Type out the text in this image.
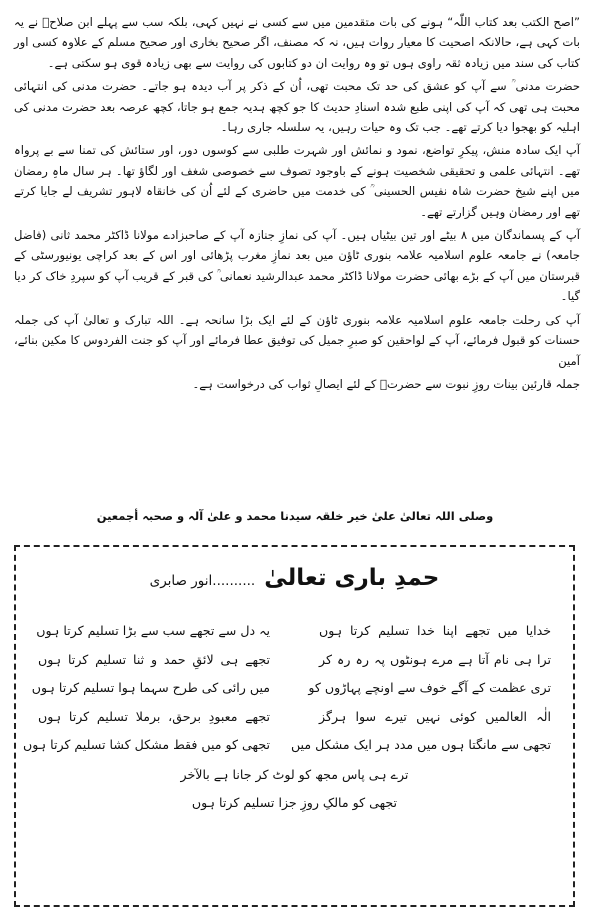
”اصح الکتب بعد کتاب اللّٰہ“ ہونے کی بات متقدمین میں سے کسی نے نہیں کہی، بلکہ سب سے پہلے ابن صلاحؒ نے یہ بات کہی ہے، حالانکہ اصحیت کا معیار روات ہیں، نہ کہ مصنف، اگر صحیح بخاری اور صحیح مسلم کے علاوہ کسی اور کتاب کی سند میں زیادہ ثقہ راوی ہوں تو وہ روایت ان دو کتابوں کی روایت سے بھی زیادہ قوی ہو سکتی ہے۔

حضرت مدنی ؒ سے آپ کو عشق کی حد تک محبت تھی، اُن کے ذکر پر آب دیدہ ہو جاتے۔ حضرت مدنی کی انتہائی محبت ہی تھی کہ آپ کی اپنی طبع شدہ اسنادِ حدیث کا جو کچھ ہدیہ جمع ہو جاتا، کچھ عرصہ بعد حضرت مدنی کی اہلیہ کو بھجوا دیا کرتے تھے۔ جب تک وہ حیات رہیں، یہ سلسلہ جاری رہا۔

آپ ایک سادہ منش، پیکرِ تواضع، نمود و نمائش اور شہرت طلبی سے کوسوں دور، اور ستائش کی تمنا سے بے پرواہ تھے۔ انتہائی علمی و تحقیقی شخصیت ہونے کے باوجود تصوف سے خصوصی شغف اور لگاؤ تھا۔ ہر سال ماہِ رمضان میں اپنے شیخ حضرت شاہ نفیس الحسینی ؒ کی خدمت میں حاضری کے لئے اُن کی خانقاہ لاہور تشریف لے جایا کرتے تھے اور رمضان وہیں گزارتے تھے۔

آپ کے پسماندگان میں ۸ بیٹے اور تین بیٹیاں ہیں۔ آپ کی نمازِ جنازہ آپ کے صاحبزادے مولانا ڈاکٹر محمد ثانی (فاضل جامعہ) نے جامعہ علوم اسلامیہ علامہ بنوری ٹاؤن میں بعد نمازِ مغرب پڑھائی اور اس کے بعد کراچی یونیورسٹی کے قبرستان میں آپ کے بڑے بھائی حضرت مولانا ڈاکٹر محمد عبدالرشید نعمانی ؒ کی قبر کے قریب آپ کو سپردِ خاک کر دیا گیا۔

آپ کی رحلت جامعہ علوم اسلامیہ علامہ بنوری ٹاؤن کے لئے ایک بڑا سانحہ ہے۔ اللہ تبارک و تعالیٰ آپ کی جملہ حسنات کو قبول فرمائے، آپ کے لواحقین کو صبرِ جمیل کی توفیق عطا فرمائے اور آپ کو جنت الفردوس کا مکین بنائے، آمین

جملہ قارئین بینات روزِ نبوت سے حضرتؒ کے لئے ایصالِ ثواب کی درخواست ہے۔

وصلی اللہ تعالیٰ علیٰ خیر خلقہ سیدنا محمد و علیٰ آلہ و صحبہ أجمعین
حمدِ باری تعالیٰ ..........انور صابری
خدایا میں تجھے اپنا خدا تسلیم کرتا ہوں
یہ دل سے تجھے سب سے بڑا تسلیم کرتا ہوں
ترا ہی نام آتا ہے مرے ہونٹوں پہ رہ رہ کر
تجھے ہی لائقِ حمد و ثنا تسلیم کرتا ہوں
تری عظمت کے آگے خوف سے اونچے پہاڑوں کو
میں رائی کی طرح سہما ہوا تسلیم کرتا ہوں
الٰہ العالمیں کوئی نہیں تیرے سوا ہرگز
تجھے معبودِ برحق، برملا تسلیم کرتا ہوں
تجھی سے مانگتا ہوں میں مدد ہر ایک مشکل میں
تجھی کو میں فقط مشکل کشا تسلیم کرتا ہوں
ترے ہی پاس مجھ کو لوٹ کر جانا ہے بالآخر
تجھی کو مالکِ روزِ جزا تسلیم کرتا ہوں
